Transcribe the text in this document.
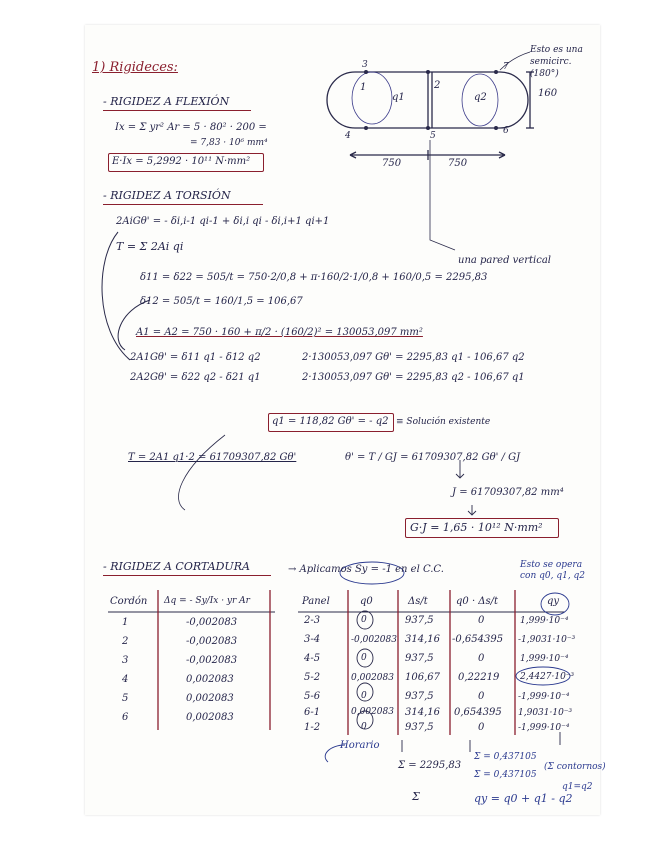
1) Rigideces:
- RIGIDEZ A FLEXIÓN
Ix = Σ yr² Ar = 5 · 80² · 200 =
= 7,83 · 10⁶ mm⁴
E·Ix = 5,2992 · 10¹¹ N·mm²
1	2
3
4	5	6
7
q1	q2	160
750	750
Esto es una semicirc. (180°)
una pared vertical
- RIGIDEZ A TORSIÓN
2AiGθ' = - δi,i-1 qi-1 + δi,i qi - δi,i+1 qi+1
T = Σ 2Ai qi
δ11 = δ22 = 505/t = 750·2/0,8 + π·160/2·1/0,8 + 160/0,5 = 2295,83
δ12 = 505/t = 160/1,5 = 106,67
A1 = A2 = 750 · 160 + π/2 · (160/2)² = 130053,097 mm²
2A1Gθ' = δ11 q1 - δ12 q2
2A2Gθ' = δ22 q2 - δ21 q1
2·130053,097 Gθ' = 2295,83 q1 - 106,67 q2
2·130053,097 Gθ' = 2295,83 q2 - 106,67 q1
q1 = 118,82 Gθ' = - q2 ≡ Solución existente
T = 2A1 q1·2 = 61709307,82 Gθ'	θ' = T / GJ = 61709307,82 Gθ' / GJ
J = 61709307,82 mm⁴
G·J = 1,65 · 10¹² N·mm²
- RIGIDEZ A CORTADURA	→ Aplicamos Sy = -1 en el C.C.	Esto se opera con q0, q1, q2
Cordón Δq = - Sy/Ix · yr Ar
1	-0,002083
2	-0,002083
3	-0,002083
4	0,002083
5	0,002083
6	0,002083
Panel	q0	Δs/t	q0 · Δs/t	qy
2-3	0	937,5	0	1,999·10⁻⁴
3-4	-0,002083 314,16 -0,654395 -1,9031·10⁻³
4-5	0	937,5	0	1,999·10⁻⁴
5-2	0,002083 106,67 0,22219 2,4427·10⁻³
5-6	0	937,5	0	-1,999·10⁻⁴
6-1	0,002083 314,16 0,654395 1,9031·10⁻³
1-2	0	937,5	0	-1,999·10⁻⁴
Horario
Σ = 2295,83
Σ
Σ = 0,437105
Σ = 0,437105
(Σ contornos)
qy = q0 + q1 - q2
q1=q2
